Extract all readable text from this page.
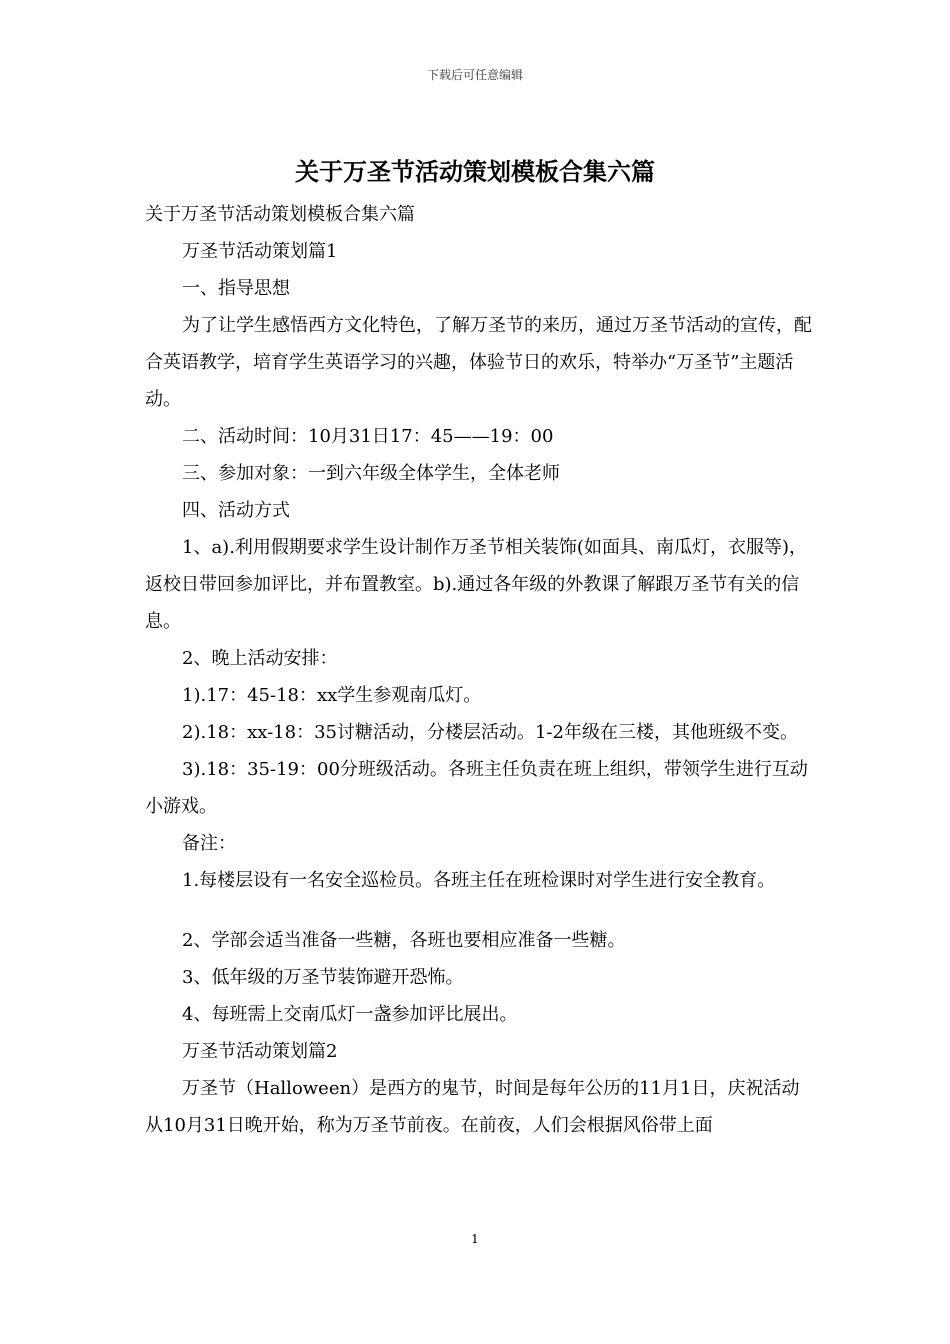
下载后可任意编辑
关于万圣节活动策划模板合集六篇

关于万圣节活动策划模板合集六篇

万圣节活动策划篇1

一、指导思想

为了让学生感悟西方文化特色，了解万圣节的来历，通过万圣节活动的宣传，配合英语教学，培育学生英语学习的兴趣，体验节日的欢乐，特举办“万圣节”主题活动。

二、活动时间：10月31日17：45——19：00

三、参加对象：一到六年级全体学生，全体老师

四、活动方式

1、a).利用假期要求学生设计制作万圣节相关装饰(如面具、南瓜灯，衣服等)，返校日带回参加评比，并布置教室。b).通过各年级的外教课了解跟万圣节有关的信息。

2、晚上活动安排：

1).17：45-18：xx学生参观南瓜灯。

2).18：xx-18：35讨糖活动，分楼层活动。1-2年级在三楼，其他班级不变。

3).18：35-19：00分班级活动。各班主任负责在班上组织，带领学生进行互动小游戏。

备注：

1.每楼层设有一名安全巡检员。各班主任在班检课时对学生进行安全教育。

2、学部会适当准备一些糖，各班也要相应准备一些糖。

3、低年级的万圣节装饰避开恐怖。

4、每班需上交南瓜灯一盏参加评比展出。

万圣节活动策划篇2

万圣节（Halloween）是西方的鬼节，时间是每年公历的11月1日，庆祝活动从10月31日晚开始，称为万圣节前夜。在前夜，人们会根据风俗带上面

1
